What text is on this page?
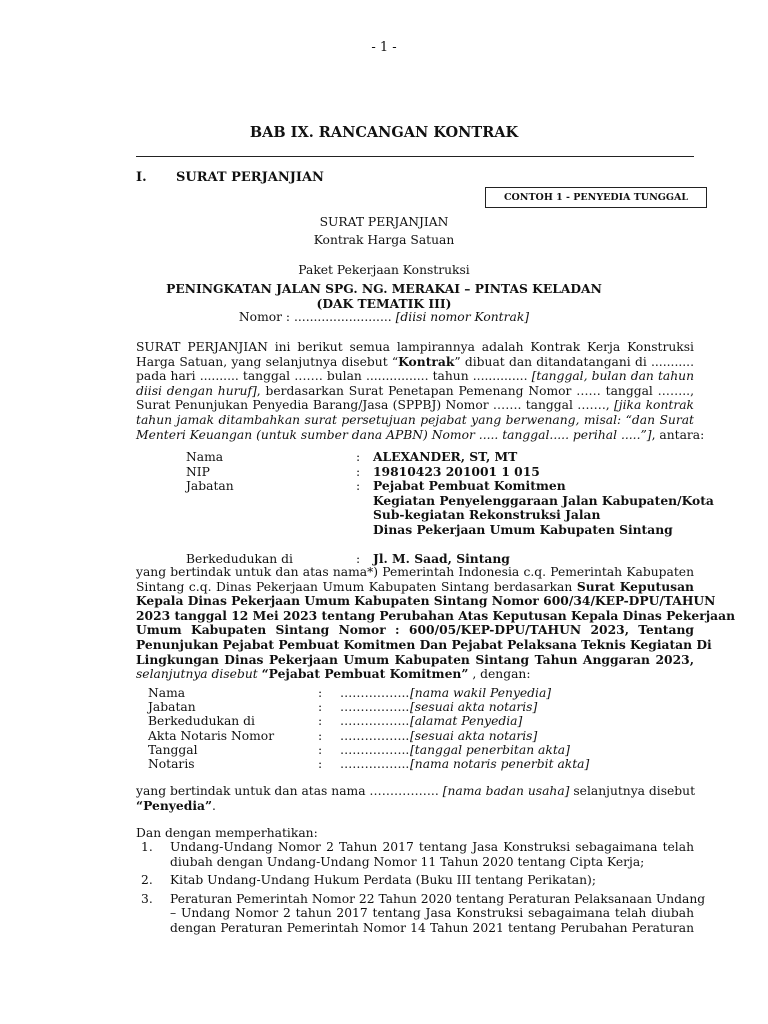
- 1 -
BAB IX. RANCANGAN KONTRAK
I. SURAT PERJANJIAN
CONTOH 1 - PENYEDIA TUNGGAL
SURAT PERJANJIAN
Kontrak Harga Satuan
Paket Pekerjaan Konstruksi
PENINGKATAN JALAN SPG. NG. MERAKAI – PINTAS KELADAN
(DAK TEMATIK III)
Nomor : ......................... [diisi nomor Kontrak]
SURAT PERJANJIAN ini berikut semua lampirannya adalah Kontrak Kerja Konstruksi
Harga Satuan, yang selanjutnya disebut “Kontrak” dibuat dan ditandatangani di ...........
pada hari .......... tanggal ……. bulan ................ tahun .............. [tanggal, bulan dan tahun
diisi dengan huruf], berdasarkan Surat Penetapan Pemenang Nomor …… tanggal ……..,
Surat Penunjukan Penyedia Barang/Jasa (SPPBJ) Nomor ……. tanggal ……., [jika kontrak
tahun jamak ditambahkan surat persetujuan pejabat yang berwenang, misal: “dan Surat
Menteri Keuangan (untuk sumber dana APBN) Nomor ..... tanggal..... perihal .....”], antara:
Nama	: ALEXANDER, ST, MT
NIP	: 19810423 201001 1 015
Jabatan	: Pejabat Pembuat Komitmen
Kegiatan Penyelenggaraan Jalan Kabupaten/Kota
Sub-kegiatan Rekonstruksi Jalan
Dinas Pekerjaan Umum Kabupaten Sintang
Berkedudukan di	: Jl. M. Saad, Sintang
yang bertindak untuk dan atas nama*) Pemerintah Indonesia c.q. Pemerintah Kabupaten
Sintang c.q. Dinas Pekerjaan Umum Kabupaten Sintang berdasarkan Surat Keputusan
Kepala Dinas Pekerjaan Umum Kabupaten Sintang Nomor 600/34/KEP-DPU/TAHUN
2023 tanggal 12 Mei 2023 tentang Perubahan Atas Keputusan Kepala Dinas Pekerjaan
Umum Kabupaten Sintang Nomor : 600/05/KEP-DPU/TAHUN 2023, Tentang
Penunjukan Pejabat Pembuat Komitmen Dan Pejabat Pelaksana Teknis Kegiatan Di
Lingkungan Dinas Pekerjaan Umum Kabupaten Sintang Tahun Anggaran 2023,
selanjutnya disebut “Pejabat Pembuat Komitmen” , dengan:
Nama	: …………….. [nama wakil Penyedia]
Jabatan	: …………….. [sesuai akta notaris]
Berkedudukan di	: …………….. [alamat Penyedia]
Akta Notaris Nomor	: …………….. [sesuai akta notaris]
Tanggal	: …………….. [tanggal penerbitan akta]
Notaris	: …………….. [nama notaris penerbit akta]
yang bertindak untuk dan atas nama …………….. [nama badan usaha] selanjutnya disebut
“Penyedia”.
Dan dengan memperhatikan:
1. Undang-Undang Nomor 2 Tahun 2017 tentang Jasa Konstruksi sebagaimana telah
diubah dengan Undang-Undang Nomor 11 Tahun 2020 tentang Cipta Kerja;
2. Kitab Undang-Undang Hukum Perdata (Buku III tentang Perikatan);
3. Peraturan Pemerintah Nomor 22 Tahun 2020 tentang Peraturan Pelaksanaan Undang
– Undang Nomor 2 tahun 2017 tentang Jasa Konstruksi sebagaimana telah diubah
dengan Peraturan Pemerintah Nomor 14 Tahun 2021 tentang Perubahan Peraturan
